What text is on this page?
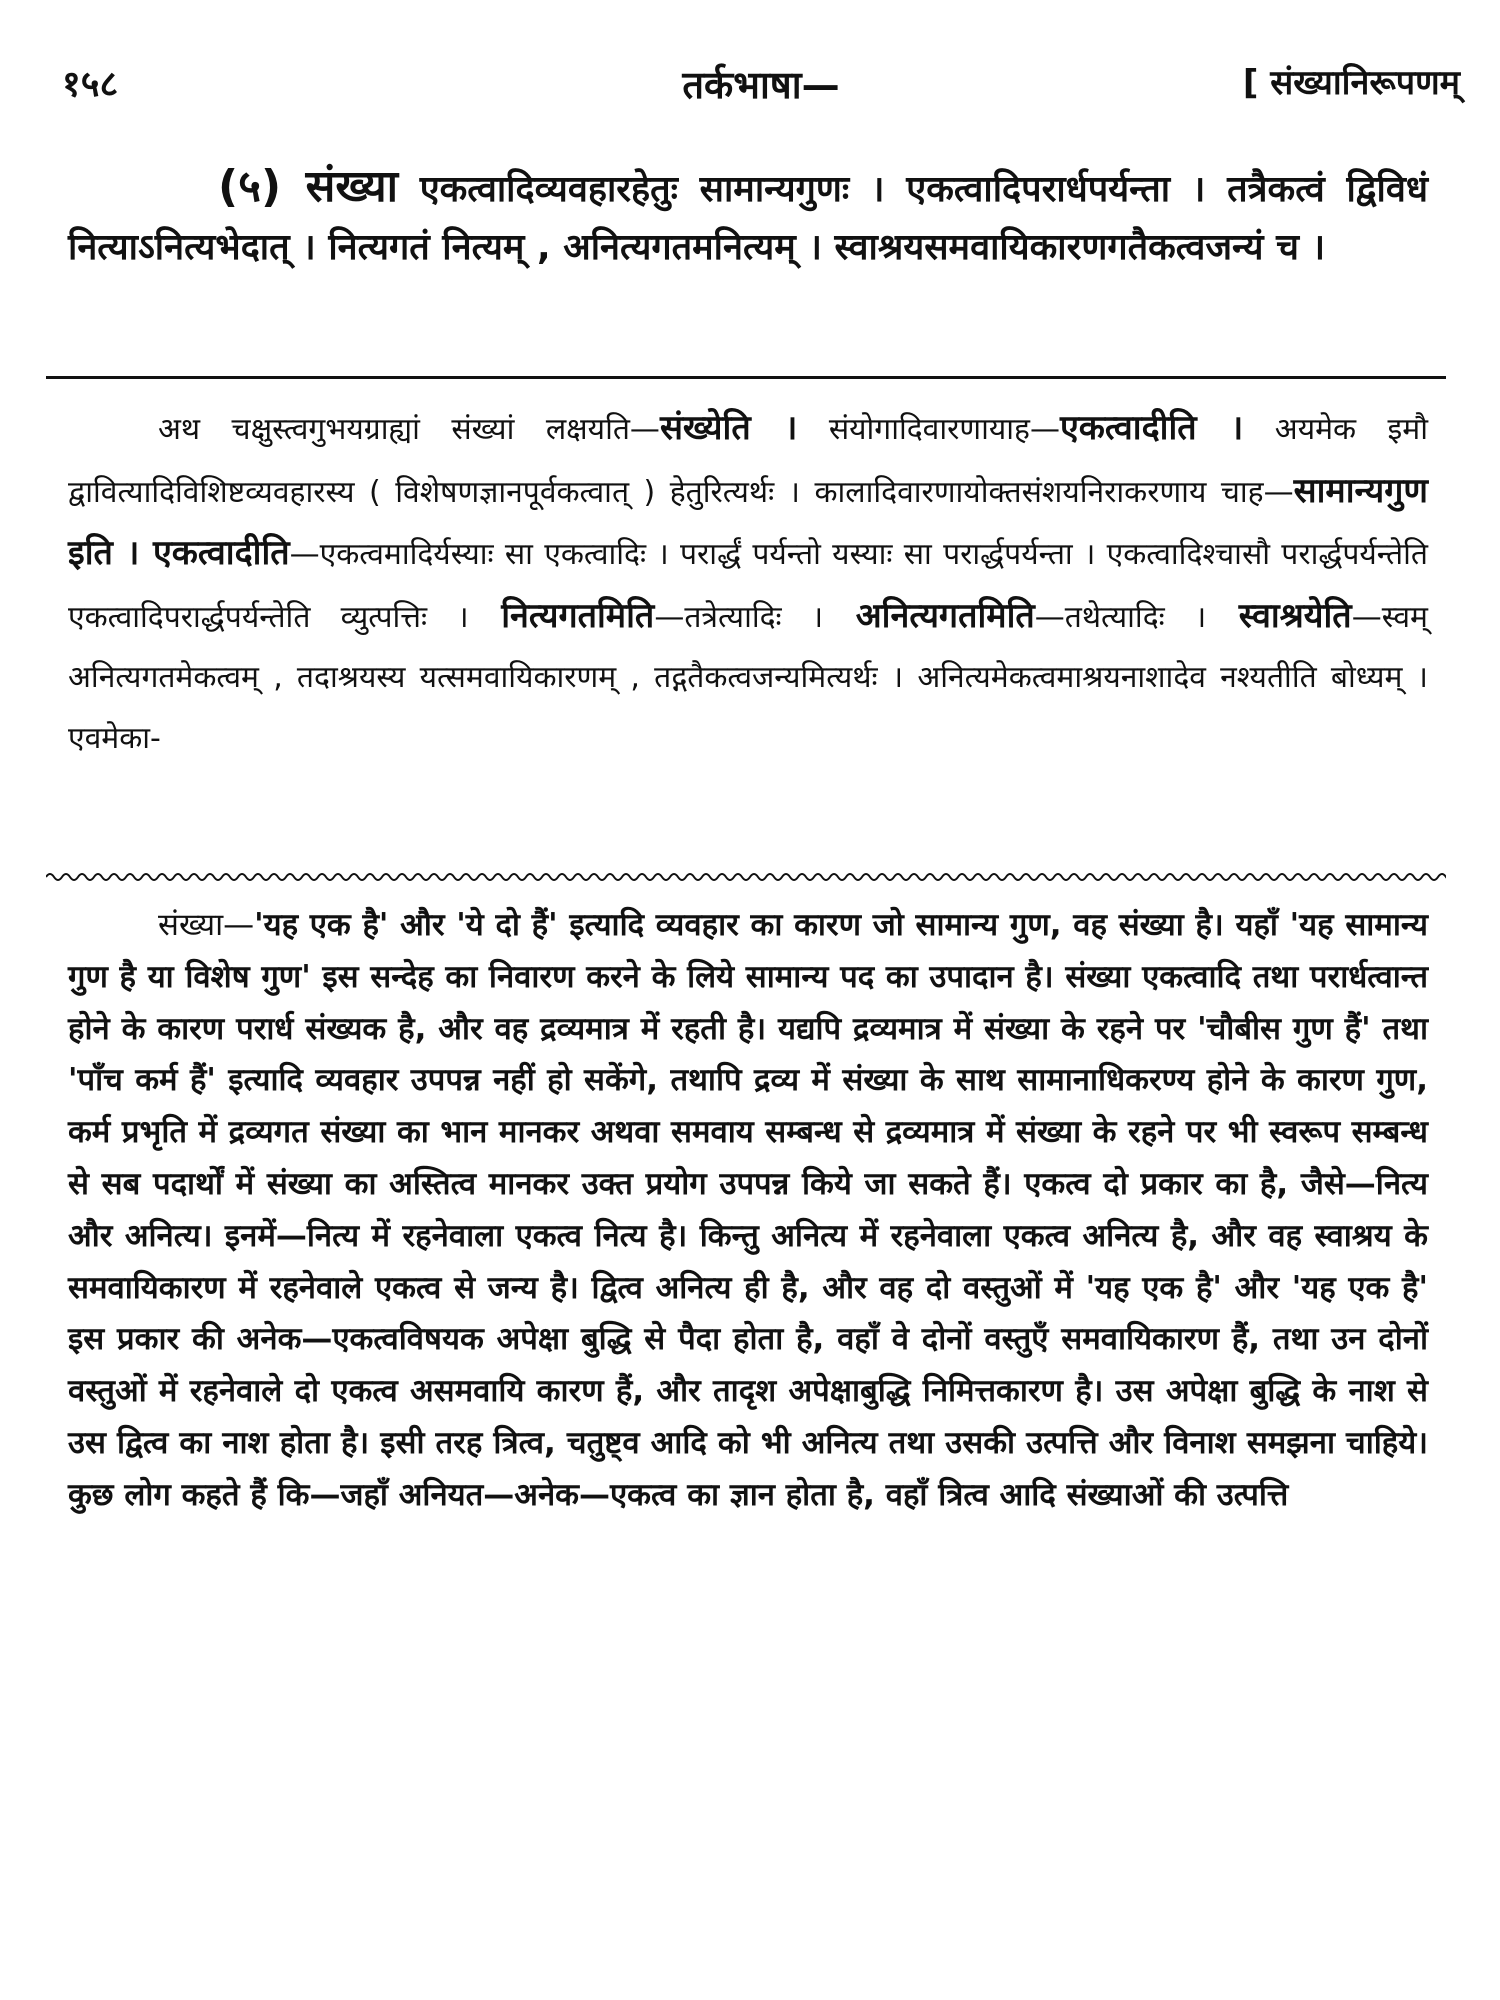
१५८	तर्कभाषा—	[ संख्यानिरूपणम्
(५) संख्या एकत्वादिव्यवहारहेतुः सामान्यगुणः । एकत्वादिपरार्धपर्यन्ता । तत्रैकत्वं द्विविधं नित्याऽनित्यभेदात् । नित्यगतं नित्यम् , अनित्यगतमनित्यम् । स्वाश्रयसमवायिकारणगतैकत्वजन्यं च ।
अथ चक्षुस्त्वगुभयग्राह्यां संख्यां लक्षयति—संख्येति । संयोगादिवारणायाह—एकत्वादीति । अयमेक इमौ द्वावित्यादिविशिष्टव्यवहारस्य ( विशेषणज्ञानपूर्वकत्वात् ) हेतुरित्यर्थः । कालादिवारणायोक्तसंशयनिराकरणाय चाह—सामान्यगुण इति । एकत्वादीति—एकत्वमादिर्यस्याः सा एकत्वादिः । परार्द्धं पर्यन्तो यस्याः सा परार्द्धपर्यन्ता । एकत्वादिश्चासौ परार्द्धपर्यन्तेति एकत्वादिपरार्द्धपर्यन्तेति व्युत्पत्तिः । नित्यगतमिति—तत्रेत्यादिः । अनित्यगतमिति—तथेत्यादिः । स्वाश्रयेति—स्वम् अनित्यगतमेकत्वम् , तदाश्रयस्य यत्समवायिकारणम् , तद्गतैकत्वजन्यमित्यर्थः । अनित्यमेकत्वमाश्रयनाशादेव नश्यतीति बोध्यम् । एवमेका-
संख्या—'यह एक है' और 'ये दो हैं' इत्यादि व्यवहार का कारण जो सामान्य गुण, वह संख्या है। यहाँ 'यह सामान्य गुण है या विशेष गुण' इस सन्देह का निवारण करने के लिये सामान्य पद का उपादान है। संख्या एकत्वादि तथा परार्धत्वान्त होने के कारण परार्ध संख्यक है, और वह द्रव्यमात्र में रहती है। यद्यपि द्रव्यमात्र में संख्या के रहने पर 'चौबीस गुण हैं' तथा 'पाँच कर्म हैं' इत्यादि व्यवहार उपपन्न नहीं हो सकेंगे, तथापि द्रव्य में संख्या के साथ सामानाधिकरण्य होने के कारण गुण, कर्म प्रभृति में द्रव्यगत संख्या का भान मानकर अथवा समवाय सम्बन्ध से द्रव्यमात्र में संख्या के रहने पर भी स्वरूप सम्बन्ध से सब पदार्थों में संख्या का अस्तित्व मानकर उक्त प्रयोग उपपन्न किये जा सकते हैं। एकत्व दो प्रकार का है, जैसे—नित्य और अनित्य। इनमें—नित्य में रहनेवाला एकत्व नित्य है। किन्तु अनित्य में रहनेवाला एकत्व अनित्य है, और वह स्वाश्रय के समवायिकारण में रहनेवाले एकत्व से जन्य है। द्वित्व अनित्य ही है, और वह दो वस्तुओं में 'यह एक है' और 'यह एक है' इस प्रकार की अनेक—एकत्वविषयक अपेक्षा बुद्धि से पैदा होता है, वहाँ वे दोनों वस्तुएँ समवायिकारण हैं, तथा उन दोनों वस्तुओं में रहनेवाले दो एकत्व असमवायि कारण हैं, और तादृश अपेक्षाबुद्धि निमित्तकारण है। उस अपेक्षा बुद्धि के नाश से उस द्वित्व का नाश होता है। इसी तरह त्रित्व, चतुष्ट्व आदि को भी अनित्य तथा उसकी उत्पत्ति और विनाश समझना चाहिये। कुछ लोग कहते हैं कि—जहाँ अनियत—अनेक—एकत्व का ज्ञान होता है, वहाँ त्रित्व आदि संख्याओं की उत्पत्ति
